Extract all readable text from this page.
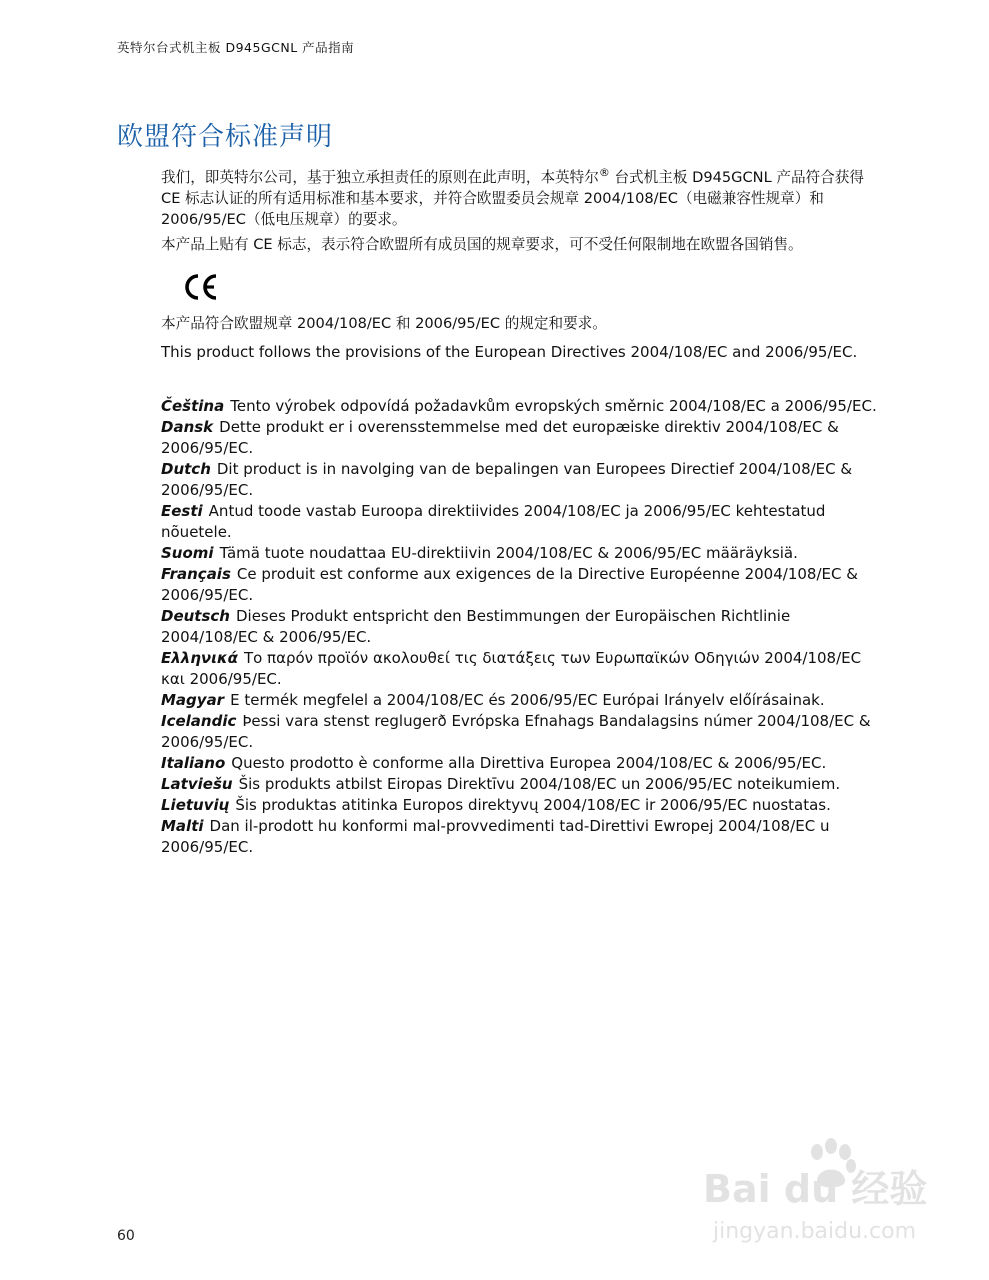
英特尔台式机主板 D945GCNL 产品指南
欧盟符合标准声明

我们，即英特尔公司，基于独立承担责任的原则在此声明，本英特尔® 台式机主板 D945GCNL 产品符合获得 CE 标志认证的所有适用标准和基本要求，并符合欧盟委员会规章 2004/108/EC（电磁兼容性规章）和 2006/95/EC（低电压规章）的要求。

本产品上贴有 CE 标志，表示符合欧盟所有成员国的规章要求，可不受任何限制地在欧盟各国销售。

本产品符合欧盟规章 2004/108/EC 和 2006/95/EC 的规定和要求。

This product follows the provisions of the European Directives 2004/108/EC and 2006/95/EC.

Čeština Tento výrobek odpovídá požadavkům evropských směrnic 2004/108/EC a 2006/95/EC.

Dansk Dette produkt er i overensstemmelse med det europæiske direktiv 2004/108/EC & 2006/95/EC.

Dutch Dit product is in navolging van de bepalingen van Europees Directief 2004/108/EC & 2006/95/EC.

Eesti Antud toode vastab Euroopa direktiivides 2004/108/EC ja 2006/95/EC kehtestatud nõuetele.

Suomi Tämä tuote noudattaa EU-direktiivin 2004/108/EC & 2006/95/EC määräyksiä.

Français Ce produit est conforme aux exigences de la Directive Européenne 2004/108/EC & 2006/95/EC.

Deutsch Dieses Produkt entspricht den Bestimmungen der Europäischen Richtlinie 2004/108/EC & 2006/95/EC.

Ελληνικά Το παρόν προϊόν ακολουθεί τις διατάξεις των Ευρωπαϊκών Οδηγιών 2004/108/EC και 2006/95/EC.

Magyar E termék megfelel a 2004/108/EC és 2006/95/EC Európai Irányelv előírásainak.

Icelandic Þessi vara stenst reglugerð Evrópska Efnahags Bandalagsins númer 2004/108/EC & 2006/95/EC.

Italiano Questo prodotto è conforme alla Direttiva Europea 2004/108/EC & 2006/95/EC.

Latviešu Šis produkts atbilst Eiropas Direktīvu 2004/108/EC un 2006/95/EC noteikumiem.

Lietuvių Šis produktas atitinka Europos direktyvų 2004/108/EC ir 2006/95/EC nuostatas.

Malti Dan il-prodott hu konformi mal-provvedimenti tad-Direttivi Ewropej 2004/108/EC u 2006/95/EC.

60
Bai du 经验
jingyan.baidu.com
